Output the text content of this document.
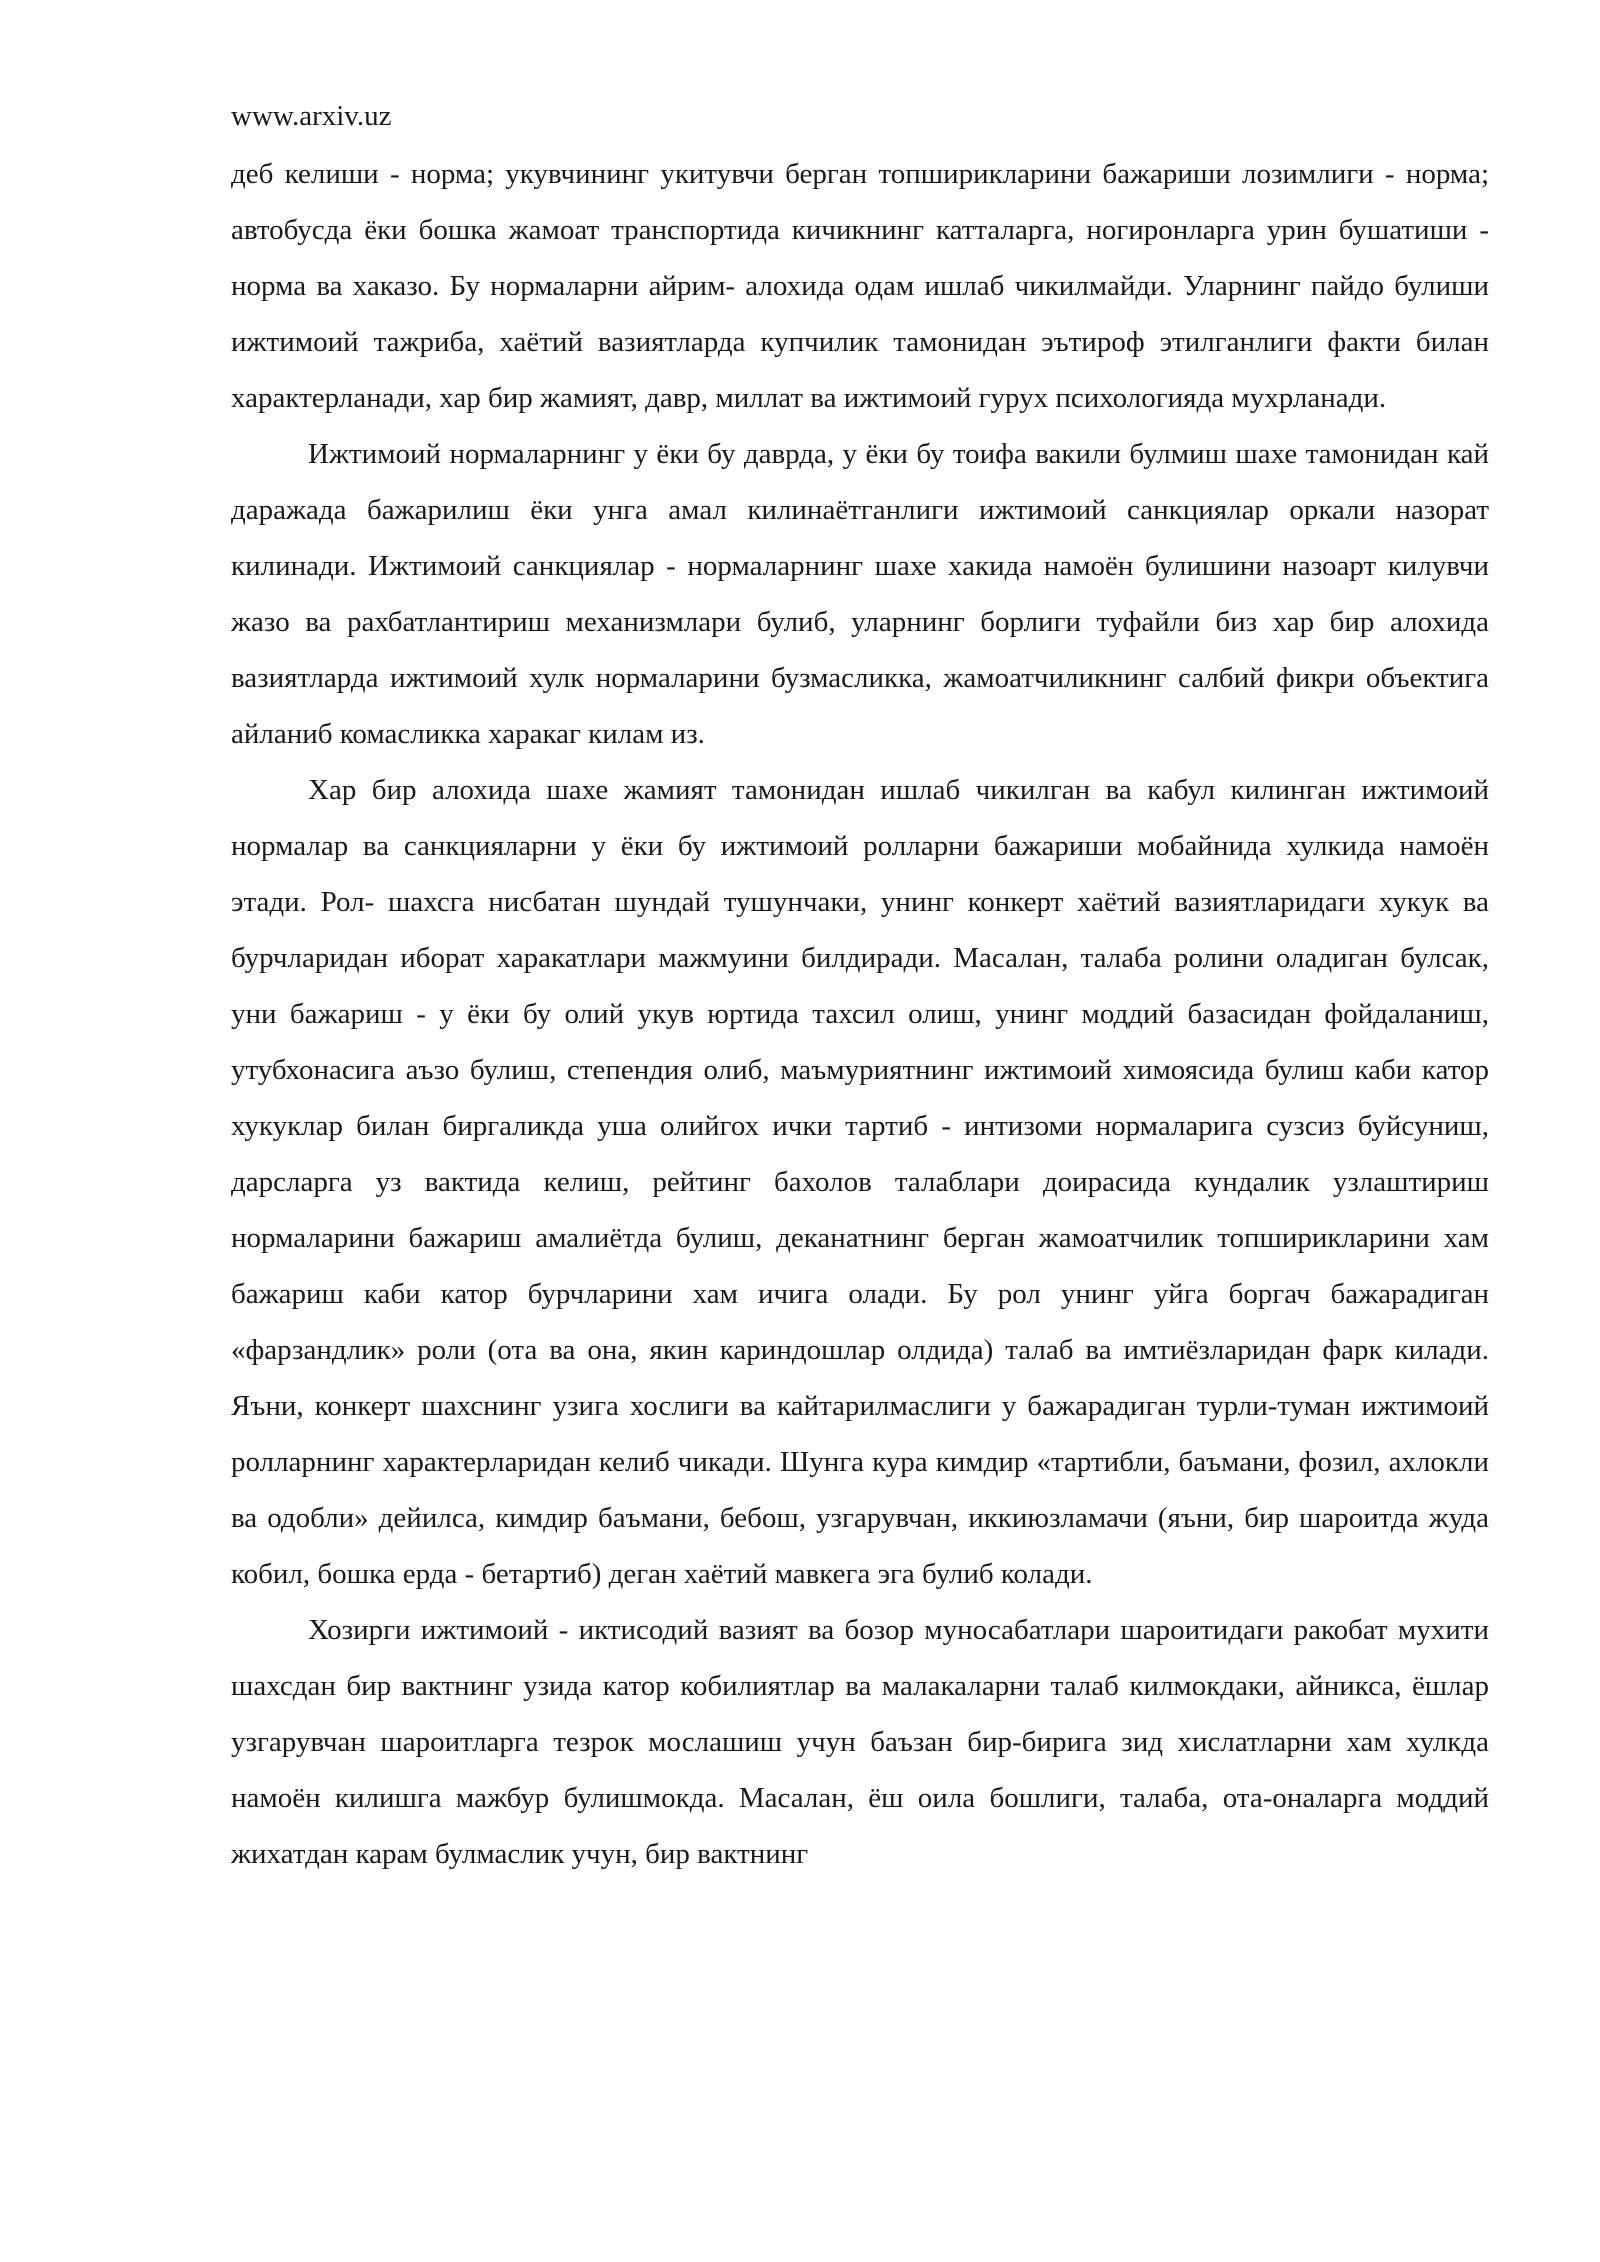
www.arxiv.uz

деб келиши - норма; укувчининг укитувчи берган топширикларини бажариши лозимлиги - норма; автобусда ёки бошка жамоат транспортида кичикнинг катталарга, ногиронларга урин бушатиши - норма ва хаказо. Бу нормаларни айрим- алохида одам ишлаб чикилмайди. Уларнинг пайдо булиши ижтимоий тажриба, хаётий вазиятларда купчилик тамонидан эътироф этилганлиги факти билан характерланади, хар бир жамият, давр, миллат ва ижтимоий гурух психологияда мухрланади.

Ижтимоий нормаларнинг у ёки бу даврда, у ёки бу тоифа вакили булмиш шахе тамонидан кай даражада бажарилиш ёки унга амал килинаётганлиги ижтимоий санкциялар оркали назорат килинади. Ижтимоий санкциялар - нормаларнинг шахе хакида намоён булишини назоарт килувчи жазо ва рахбатлантириш механизмлари булиб, уларнинг борлиги туфайли биз хар бир алохида вазиятларда ижтимоий хулк нормаларини бузмасликка, жамоатчиликнинг салбий фикри объектига айланиб комасликка харакаг килам из.

Хар бир алохида шахе жамият тамонидан ишлаб чикилган ва кабул килинган ижтимоий нормалар ва санкцияларни у ёки бу ижтимоий ролларни бажариши мобайнида хулкида намоён этади. Рол- шахсга нисбатан шундай тушунчаки, унинг конкерт хаётий вазиятларидаги хукук ва бурчларидан иборат харакатлари мажмуини билдиради. Масалан, талаба ролини оладиган булсак, уни бажариш - у ёки бу олий укув юртида тахсил олиш, унинг моддий базасидан фойдаланиш, утубхонасига аъзо булиш, степендия олиб, маъмуриятнинг ижтимоий химоясида булиш каби катор хукуклар билан биргаликда уша олийгох ички тартиб - интизоми нормаларига сузсиз буйсуниш, дарсларга уз вактида келиш, рейтинг бахолов талаблари доирасида кундалик узлаштириш нормаларини бажариш амалиётда булиш, деканатнинг берган жамоатчилик топширикларини хам бажариш каби катор бурчларини хам ичига олади. Бу рол унинг уйга боргач бажарадиган «фарзандлик» роли (ота ва она, якин кариндошлар олдида) талаб ва имтиёзларидан фарк килади. Яъни, конкерт шахснинг узига хослиги ва кайтарилмаслиги у бажарадиган турли-туман ижтимоий ролларнинг характерларидан келиб чикади. Шунга кура кимдир «тартибли, баъмани, фозил, ахлокли ва одобли» дейилса, кимдир баъмани, бебош, узгарувчан, иккиюзламачи (яъни, бир шароитда жуда кобил, бошка ерда - бетартиб) деган хаётий мавкега эга булиб колади.

Хозирги ижтимоий - иктисодий вазият ва бозор муносабатлари шароитидаги ракобат мухити шахсдан бир вактнинг узида катор кобилиятлар ва малакаларни талаб килмокдаки, айникса, ёшлар узгарувчан шароитларга тезрок мослашиш учун баъзан бир-бирига зид хислатларни хам хулкда намоён килишга мажбур булишмокда. Масалан, ёш оила бошлиги, талаба, ота-оналарга моддий жихатдан карам булмаслик учун, бир вактнинг
